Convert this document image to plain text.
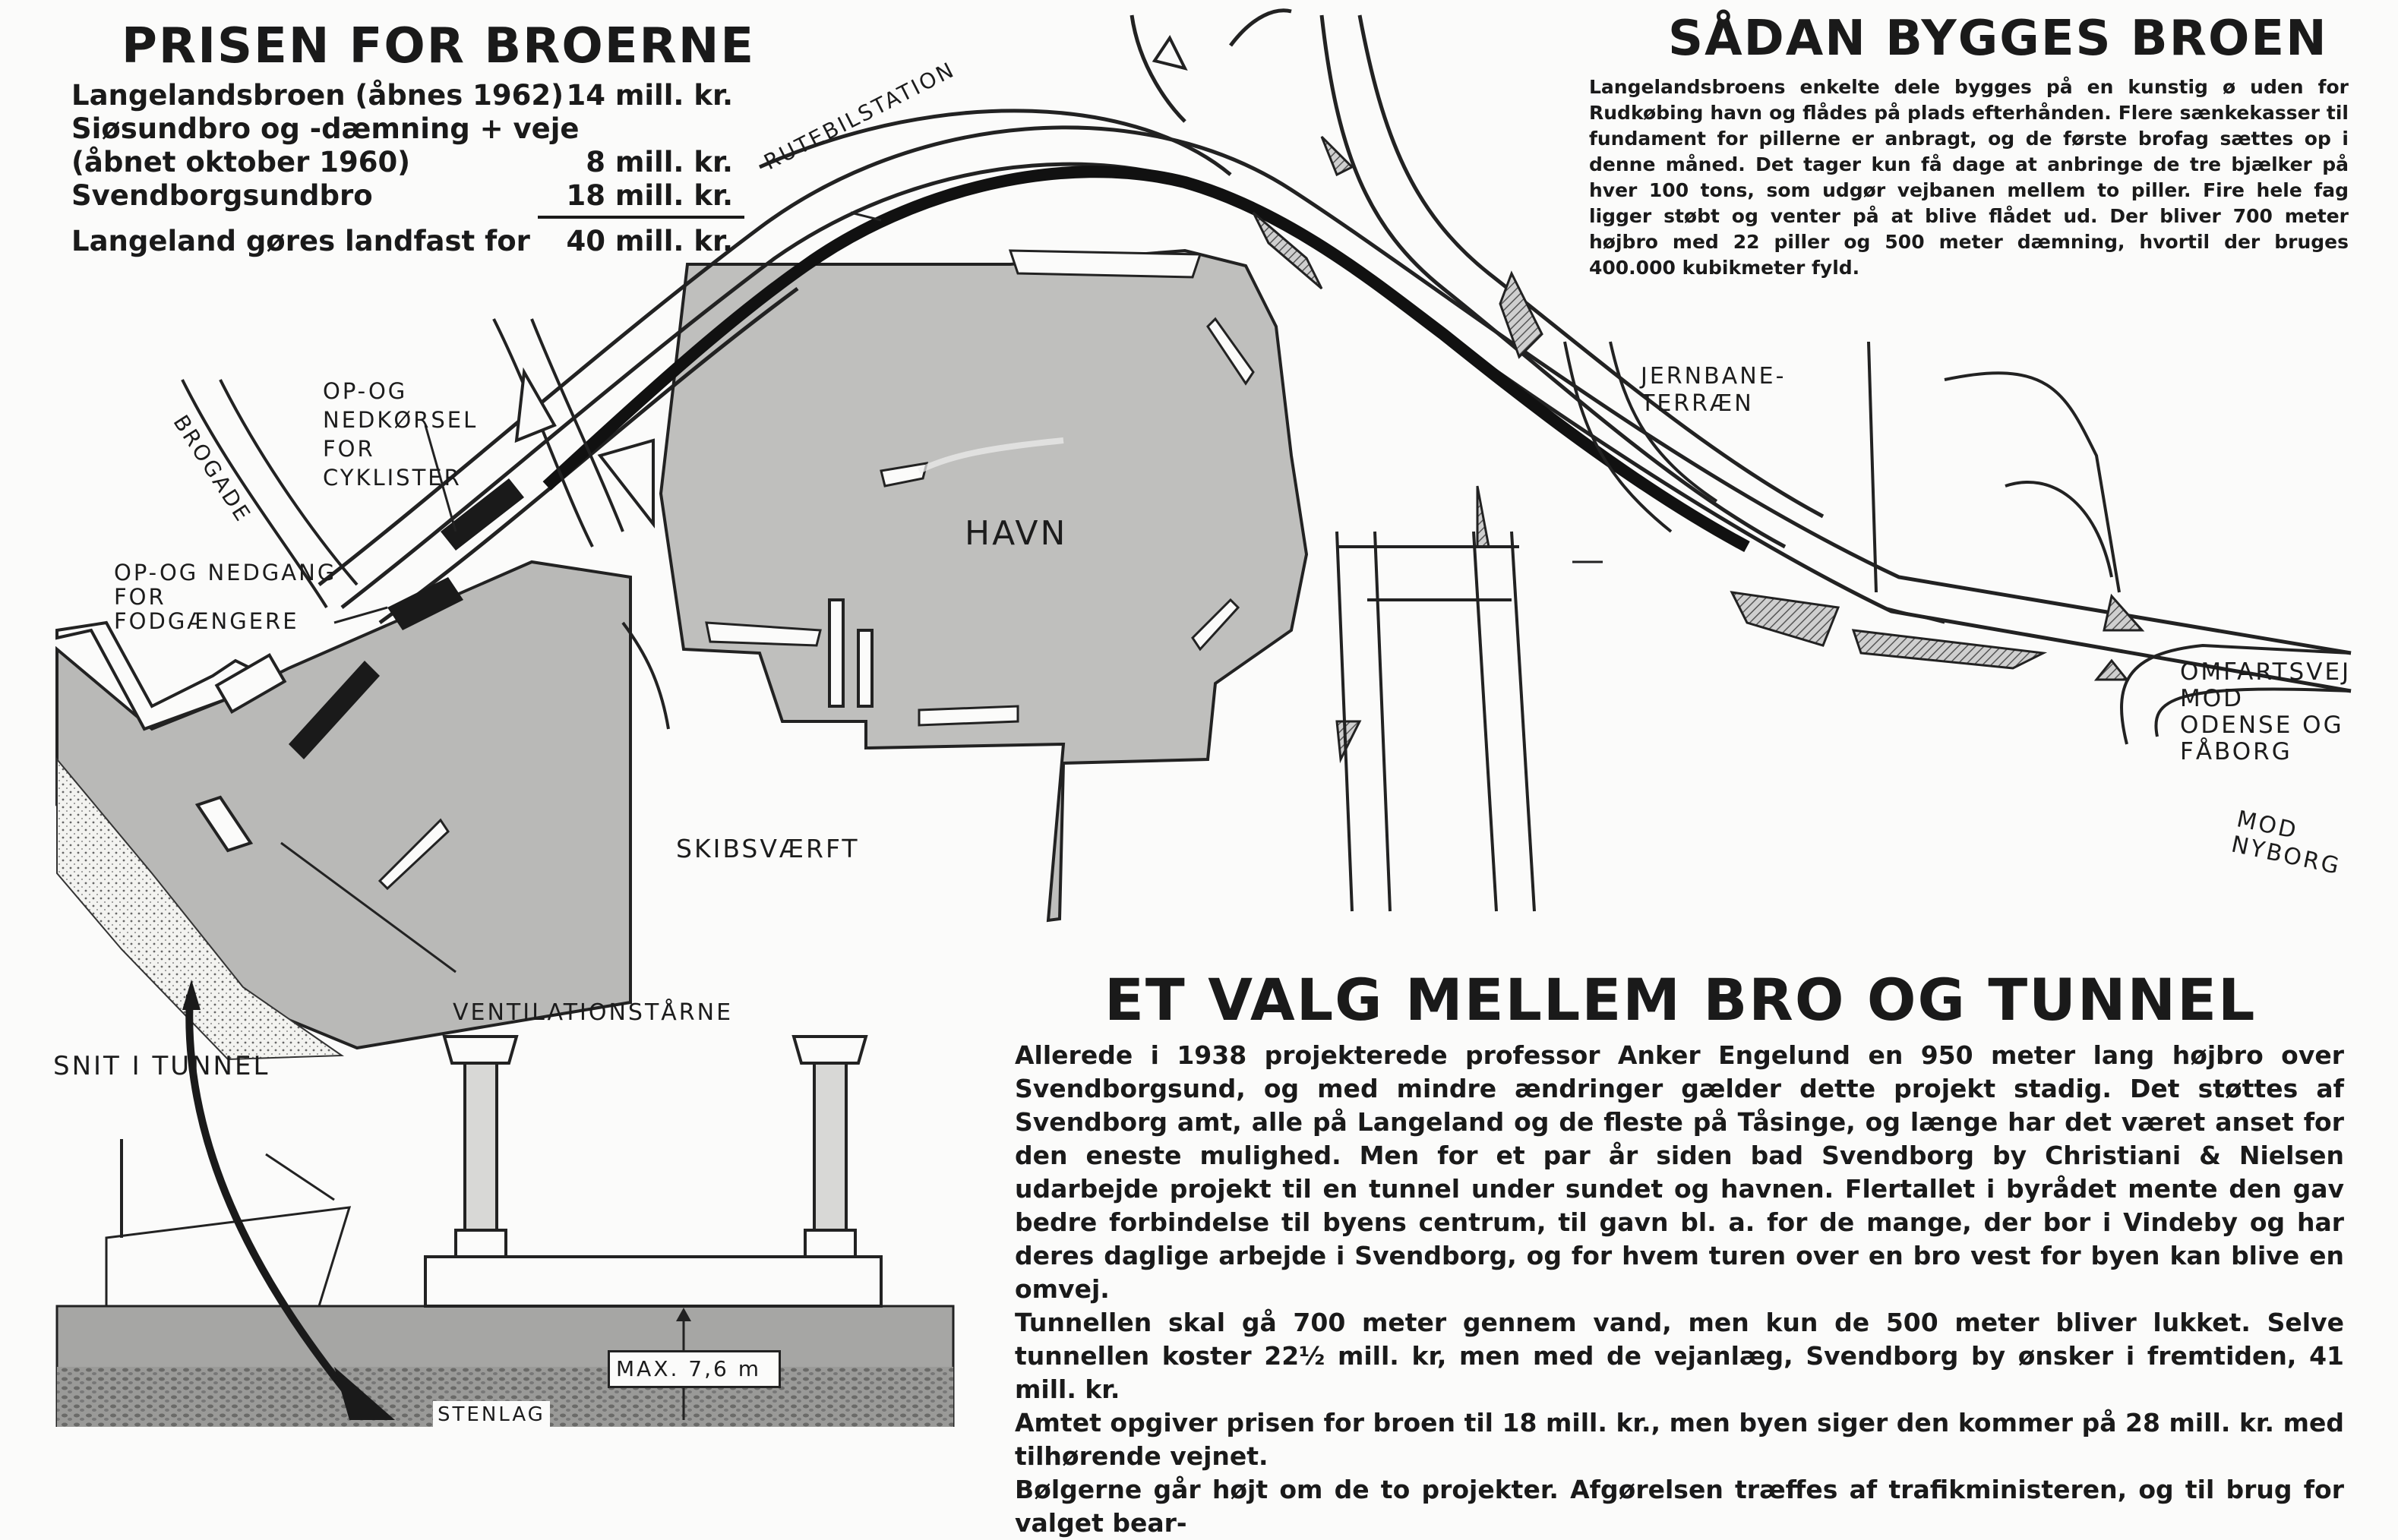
PRISEN FOR BROERNE
Langelandsbroen (åbnes 1962) 14 mill. kr.
Siøsundbro og -dæmning + veje
(åbnet oktober 1960)	8 mill. kr.
Svendborgsundbro	18 mill. kr.
Langeland gøres landfast for	40 mill. kr.
SÅDAN BYGGES BROEN
Langelandsbroens enkelte dele bygges på en kunstig ø uden for Rudkøbing havn og flådes på plads efterhånden. Flere sænkekasser til fundament for pillerne er anbragt, og de første brofag sættes op i denne måned. Det tager kun få dage at anbringe de tre bjælker på hver 100 tons, som udgør vejbanen mellem to piller. Fire hele fag ligger støbt og venter på at blive flådet ud. Der bliver 700 meter højbro med 22 piller og 500 meter dæmning, hvortil der bruges 400.000 kubikmeter fyld.
RUTEBILSTATION
BROGADE
OP-OG NEDKØRSEL FOR CYKLISTER
OP-OG NEDGANG FOR FODGÆNGERE
HAVN
SKIBSVÆRFT
JERNBANE- TERRÆN
OMFARTSVEJ MOD ODENSE OG FÅBORG
MOD NYBORG
VENTILATIONSTÅRNE
SNIT I TUNNEL
MAX. 7,6 m
STENLAG
ET VALG MELLEM BRO OG TUNNEL

Allerede i 1938 projekterede professor Anker Engelund en 950 meter lang højbro over Svendborgsund, og med mindre ændringer gælder dette projekt stadig. Det støttes af Svendborg amt, alle på Langeland og de fleste på Tåsinge, og længe har det været anset for den eneste mulighed. Men for et par år siden bad Svendborg by Christiani & Nielsen udarbejde projekt til en tunnel under sundet og havnen. Flertallet i byrådet mente den gav bedre forbindelse til byens centrum, til gavn bl. a. for de mange, der bor i Vindeby og har deres daglige arbejde i Svendborg, og for hvem turen over en bro vest for byen kan blive en omvej.

Tunnellen skal gå 700 meter gennem vand, men kun de 500 meter bliver lukket. Selve tunnellen koster 22½ mill. kr, men med de vejanlæg, Svendborg by ønsker i fremtiden, 41 mill. kr.

Amtet opgiver prisen for broen til 18 mill. kr., men byen siger den kommer på 28 mill. kr. med tilhørende vejnet.

Bølgerne går højt om de to projekter. Afgørelsen træffes af trafikministeren, og til brug for valget bear-
